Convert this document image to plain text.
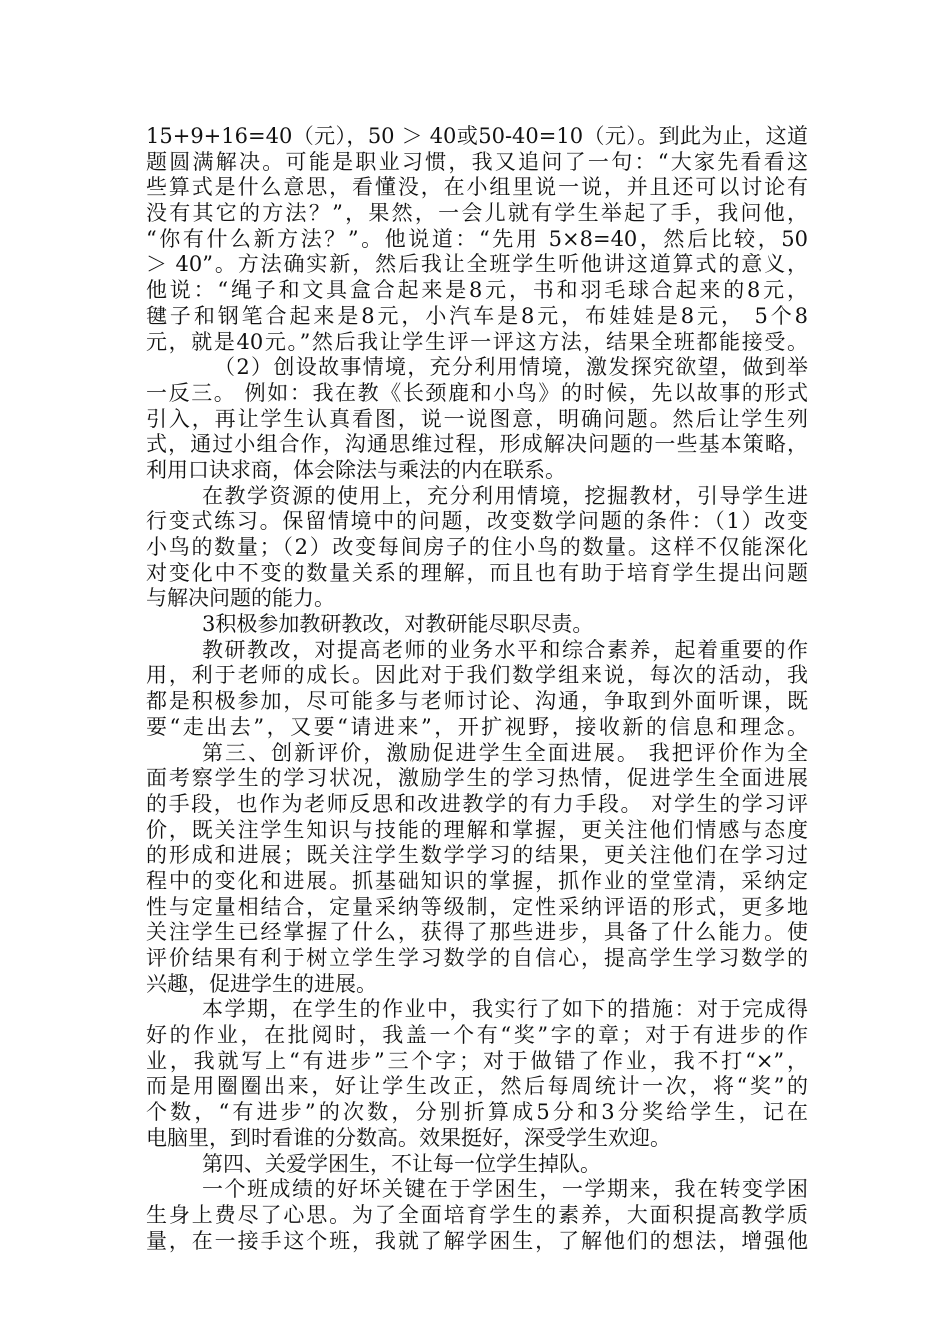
15+9+16=40（元），50 ＞ 40或50-40=10（元）。到此为止，这道
题圆满解决。可能是职业习惯，我又追问了一句：“大家先看看这
些算式是什么意思，看懂没，在小组里说一说，并且还可以讨论有
没有其它的方法？”，果然，一会儿就有学生举起了手，我问他，
“你有什么新方法？”。他说道：“先用 5×8=40，然后比较，50
＞ 40”。方法确实新，然后我让全班学生听他讲这道算式的意义，
他说：“绳子和文具盒合起来是8元，书和羽毛球合起来的8元，
毽子和钢笔合起来是8元，小汽车是8元，布娃娃是8元， 5个8
元，就是40元。”然后我让学生评一评这方法，结果全班都能接受。
（2）创设故事情境，充分利用情境，激发探究欲望，做到举
一反三。 例如：我在教《长颈鹿和小鸟》的时候，先以故事的形式
引入，再让学生认真看图，说一说图意，明确问题。然后让学生列
式，通过小组合作，沟通思维过程，形成解决问题的一些基本策略，
利用口诀求商，体会除法与乘法的内在联系。
在教学资源的使用上，充分利用情境，挖掘教材，引导学生进
行变式练习。保留情境中的问题，改变数学问题的条件：（1）改变
小鸟的数量；（2）改变每间房子的住小鸟的数量。这样不仅能深化
对变化中不变的数量关系的理解，而且也有助于培育学生提出问题
与解决问题的能力。
3积极参加教研教改，对教研能尽职尽责。
教研教改，对提高老师的业务水平和综合素养，起着重要的作
用，利于老师的成长。因此对于我们数学组来说，每次的活动，我
都是积极参加，尽可能多与老师讨论、沟通，争取到外面听课，既
要“走出去”，又要“请进来”，开扩视野，接收新的信息和理念。
第三、创新评价，激励促进学生全面进展。 我把评价作为全
面考察学生的学习状况，激励学生的学习热情，促进学生全面进展
的手段，也作为老师反思和改进教学的有力手段。 对学生的学习评
价，既关注学生知识与技能的理解和掌握，更关注他们情感与态度
的形成和进展；既关注学生数学学习的结果，更关注他们在学习过
程中的变化和进展。抓基础知识的掌握，抓作业的堂堂清，采纳定
性与定量相结合，定量采纳等级制，定性采纳评语的形式，更多地
关注学生已经掌握了什么，获得了那些进步，具备了什么能力。使
评价结果有利于树立学生学习数学的自信心，提高学生学习数学的
兴趣，促进学生的进展。
本学期，在学生的作业中，我实行了如下的措施：对于完成得
好的作业，在批阅时，我盖一个有“奖”字的章；对于有进步的作
业，我就写上“有进步”三个字；对于做错了作业，我不打“×”，
而是用圈圈出来，好让学生改正，然后每周统计一次，将“奖”的
个数，“有进步”的次数，分别折算成5分和3分奖给学生，记在
电脑里，到时看谁的分数高。效果挺好，深受学生欢迎。
第四、关爱学困生，不让每一位学生掉队。
一个班成绩的好坏关键在于学困生，一学期来，我在转变学困
生身上费尽了心思。为了全面培育学生的素养，大面积提高教学质
量，在一接手这个班，我就了解学困生，了解他们的想法，增强他
